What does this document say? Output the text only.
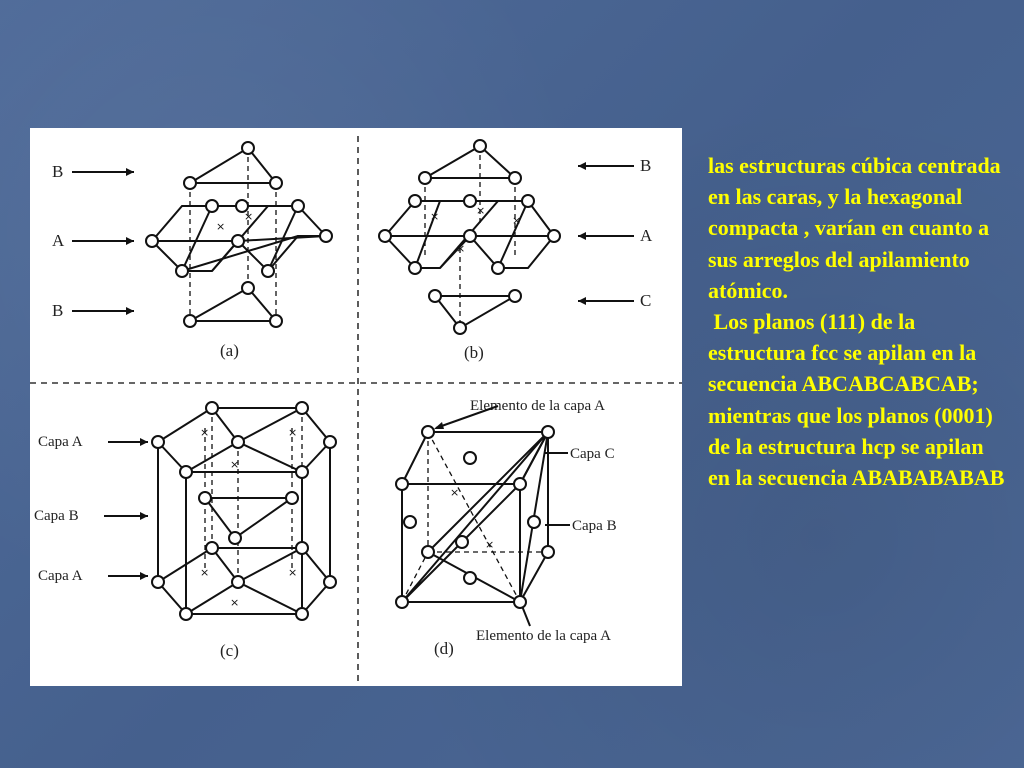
B
A
B
×
×
(a)
B
A
C
×	×
×
×
(b)
Capa A
Capa B
Capa A
×	×
×
×	×
×
(c)
Elemento de la capa A
Capa C
Capa B
Elemento de la capa A
×
×
(d)

las estructuras cúbica centrada en las caras, y la hexagonal compacta , varían en cuanto a sus arreglos del apilamiento atómico.

Los planos (111) de la estructura fcc se apilan en la secuencia ABCABCABCAB; mientras que los planos (0001) de la estructura hcp se apilan en la secuencia ABABABABAB
